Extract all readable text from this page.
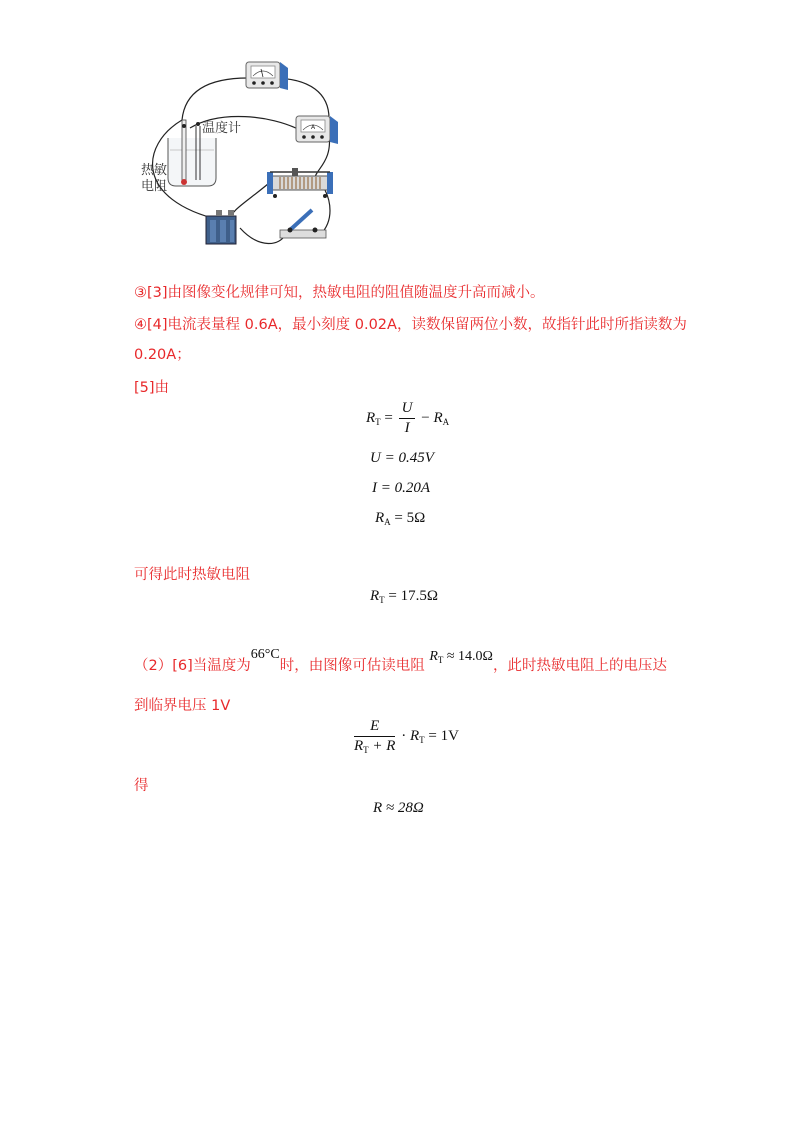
A
温度计
热敏
电阻
③[3]由图像变化规律可知，热敏电阻的阻值随温度升高而减小。
④[4]电流表量程 0.6A，最小刻度 0.02A，读数保留两位小数，故指针此时所指读数为
0.20A；
[5]由
$R_T = \frac{U}{I} - R_A$
U = 0.45V
I = 0.20A
$R_A = 5\Omega$
可得此时热敏电阻
$R_T = 17.5\Omega$
（2）[6]当温度为66°C时，由图像可估读电阻 $R_T \approx 14.0\Omega$，此时热敏电阻上的电压达
到临界电压 1V
$\frac{E}{R_T + R} \cdot R_T = 1V$
得
R ≈ 28Ω
